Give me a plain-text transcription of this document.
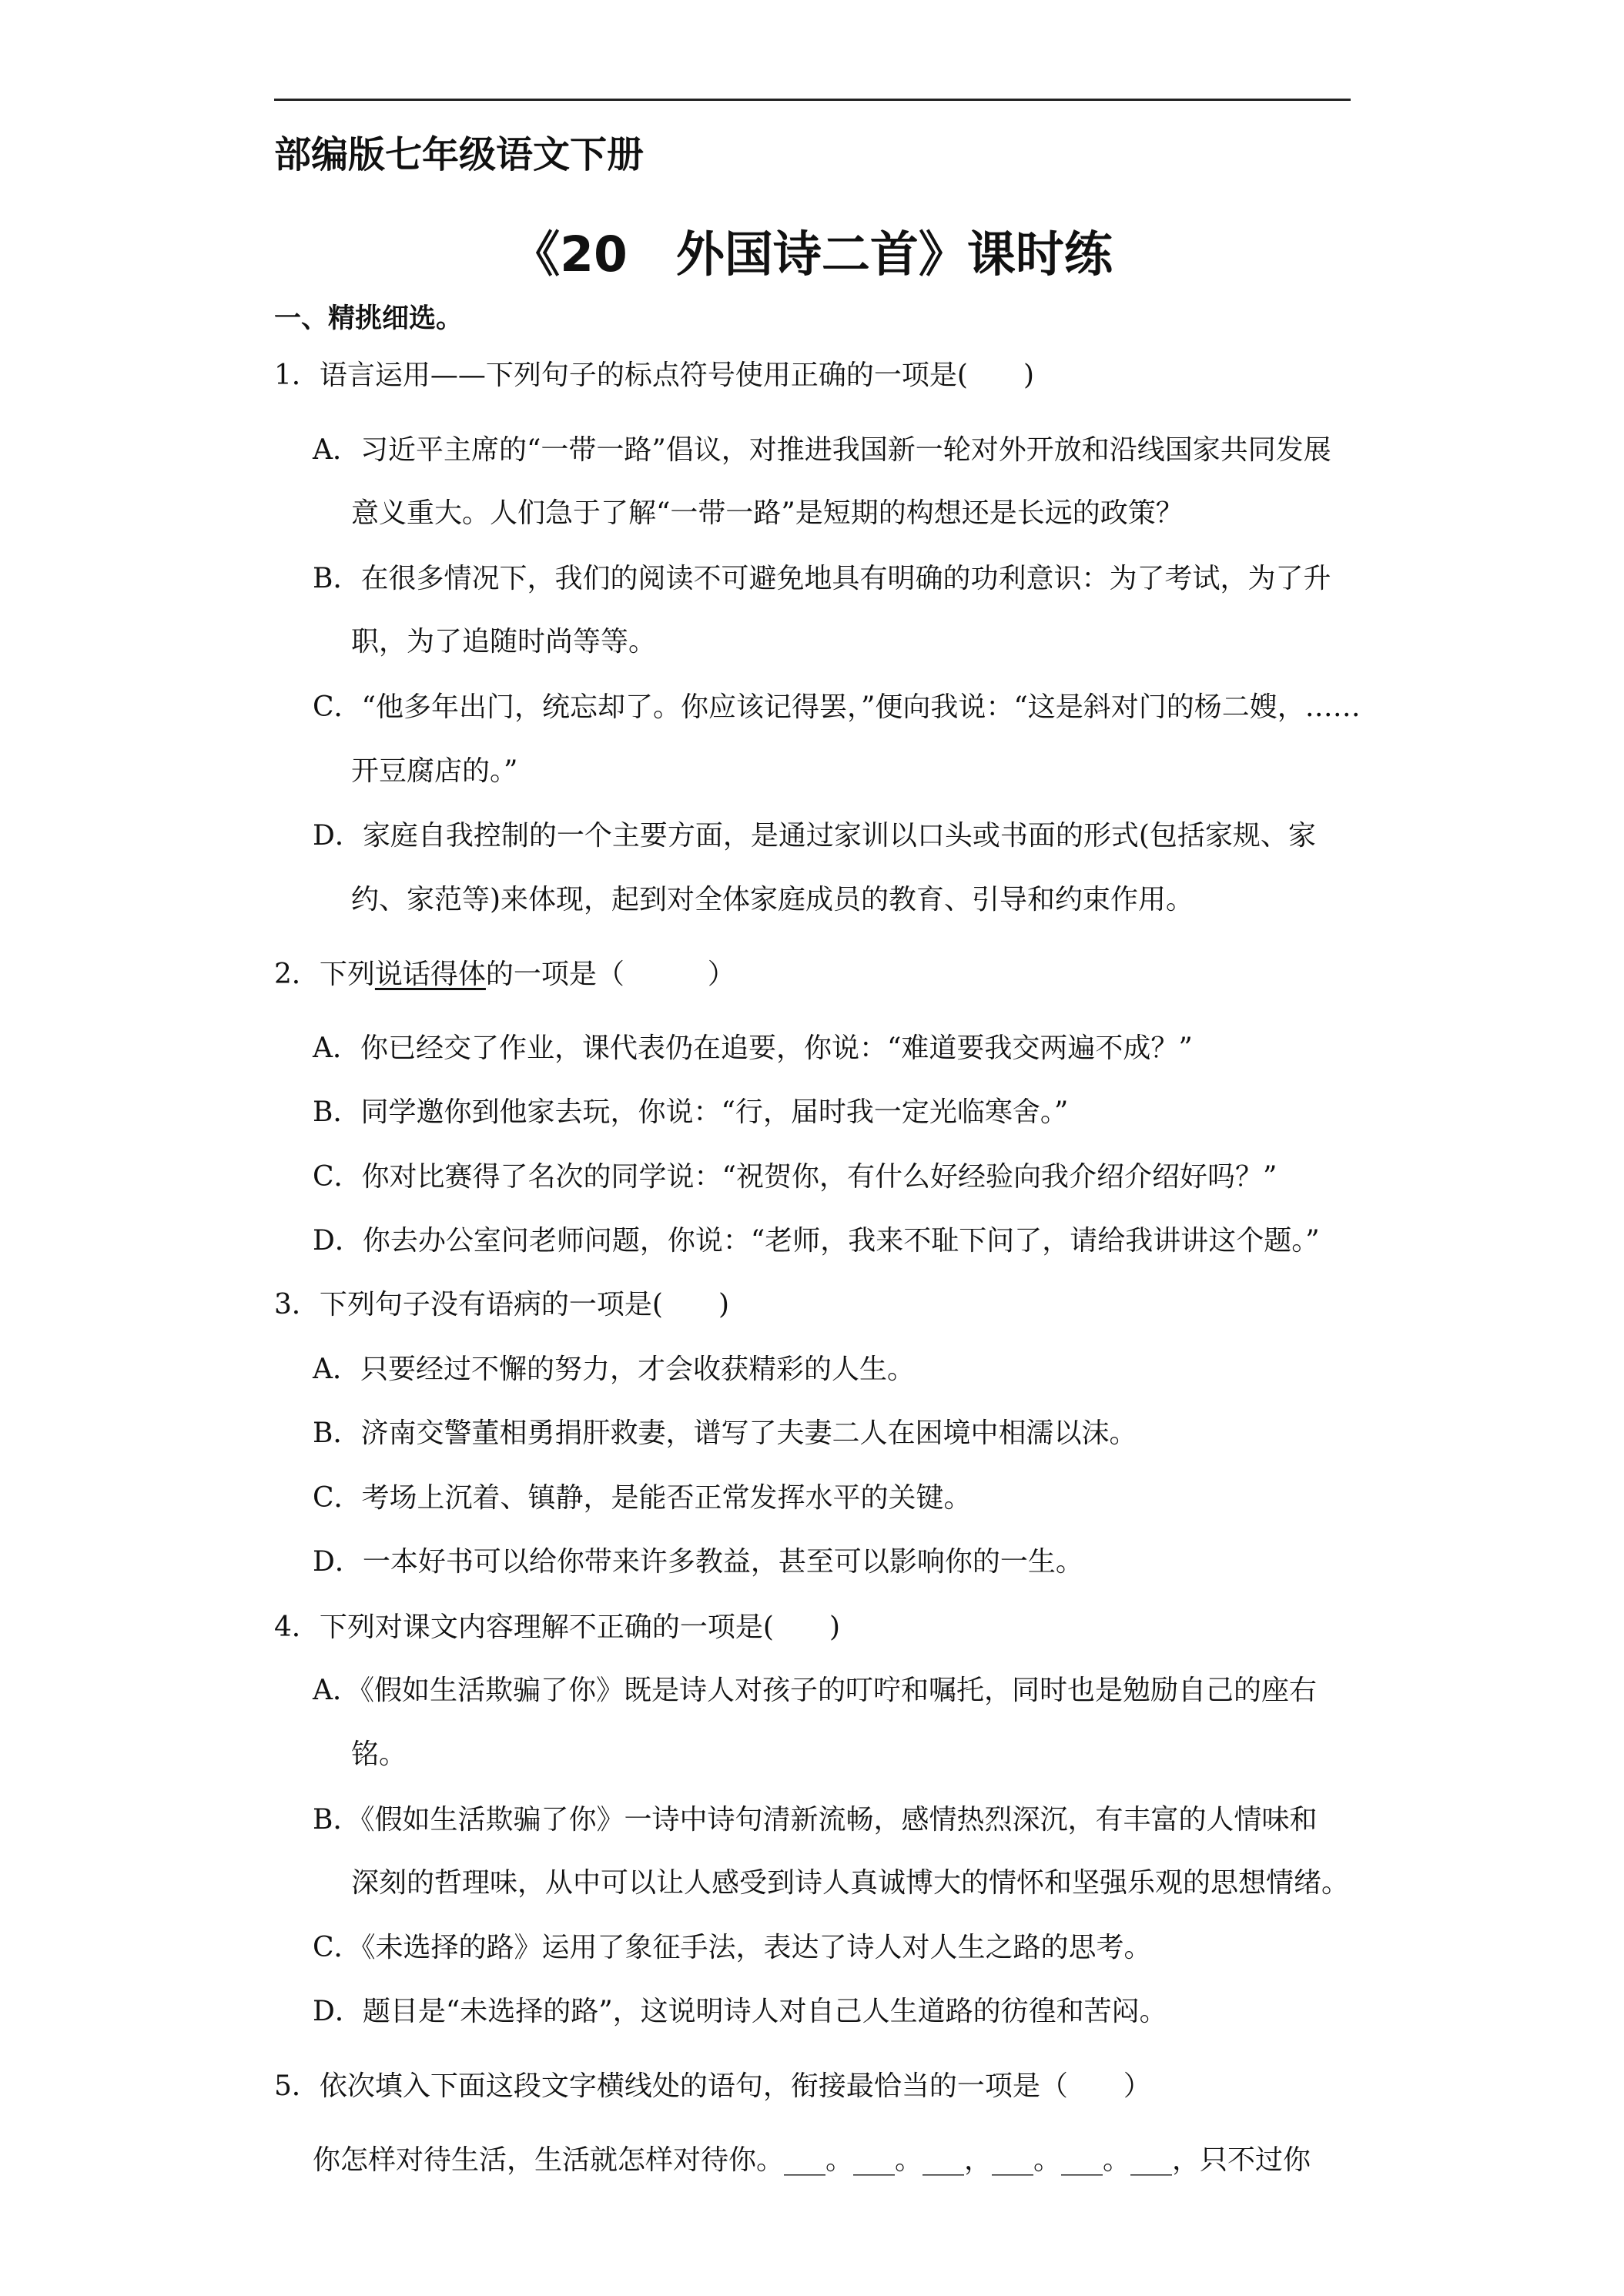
部编版七年级语文下册
《20　外国诗二首》课时练
一、精挑细选。
1．语言运用——下列句子的标点符号使用正确的一项是(　　)
A．习近平主席的“一带一路”倡议，对推进我国新一轮对外开放和沿线国家共同发展
意义重大。人们急于了解“一带一路”是短期的构想还是长远的政策？
B．在很多情况下，我们的阅读不可避免地具有明确的功利意识：为了考试，为了升
职，为了追随时尚等等。
C．“他多年出门，统忘却了。你应该记得罢，”便向我说：“这是斜对门的杨二嫂，……
开豆腐店的。”
D．家庭自我控制的一个主要方面，是通过家训以口头或书面的形式(包括家规、家
约、家范等)来体现，起到对全体家庭成员的教育、引导和约束作用。
2．下列说话得体的一项是（　　　）
A．你已经交了作业，课代表仍在追要，你说：“难道要我交两遍不成？”
B．同学邀你到他家去玩，你说：“行，届时我一定光临寒舍。”
C．你对比赛得了名次的同学说：“祝贺你，有什么好经验向我介绍介绍好吗？”
D．你去办公室问老师问题，你说：“老师，我来不耻下问了，请给我讲讲这个题。”
3．下列句子没有语病的一项是(　　)
A．只要经过不懈的努力，才会收获精彩的人生。
B．济南交警董相勇捐肝救妻，谱写了夫妻二人在困境中相濡以沫。
C．考场上沉着、镇静，是能否正常发挥水平的关键。
D．一本好书可以给你带来许多教益，甚至可以影响你的一生。
4．下列对课文内容理解不正确的一项是(　　)
A．《假如生活欺骗了你》既是诗人对孩子的叮咛和嘱托，同时也是勉励自己的座右
铭。
B．《假如生活欺骗了你》一诗中诗句清新流畅，感情热烈深沉，有丰富的人情味和
深刻的哲理味，从中可以让人感受到诗人真诚博大的情怀和坚强乐观的思想情绪。
C．《未选择的路》运用了象征手法，表达了诗人对人生之路的思考。
D．题目是“未选择的路”，这说明诗人对自己人生道路的彷徨和苦闷。
5．依次填入下面这段文字横线处的语句，衔接最恰当的一项是（　　）
你怎样对待生活，生活就怎样对待你。___。___。___，___。___。___，只不过你
